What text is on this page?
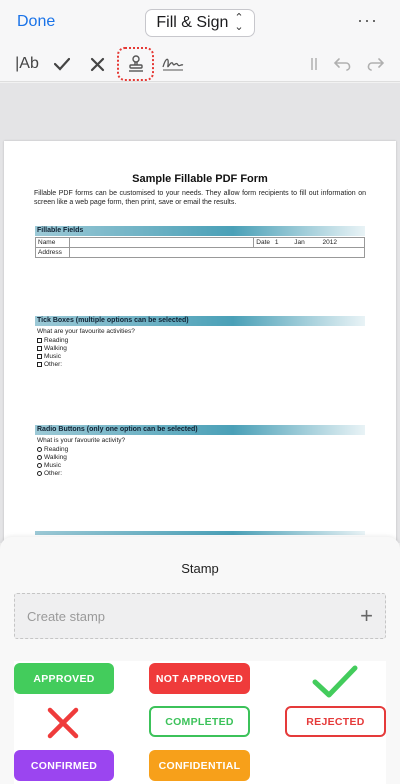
Done	Fill & Sign ⌃
⌄	···
|Ab
Sample Fillable PDF Form
Fillable PDF forms can be customised to your needs. They allow form recipients to fill out information on screen like a web page form, then print, save or email the results.
Fillable Fields
Name		Date 1 Jan 2012
Address		
Tick Boxes (multiple options can be selected)
What are your favourite activities?
Reading
Walking
Music
Other:
Radio Buttons (only one option can be selected)
What is your favourite activity?
Reading
Walking
Music
Other:
Stamp
Create stamp	+
APPROVED	NOT APPROVED
COMPLETED	REJECTED
CONFIRMED	CONFIDENTIAL
